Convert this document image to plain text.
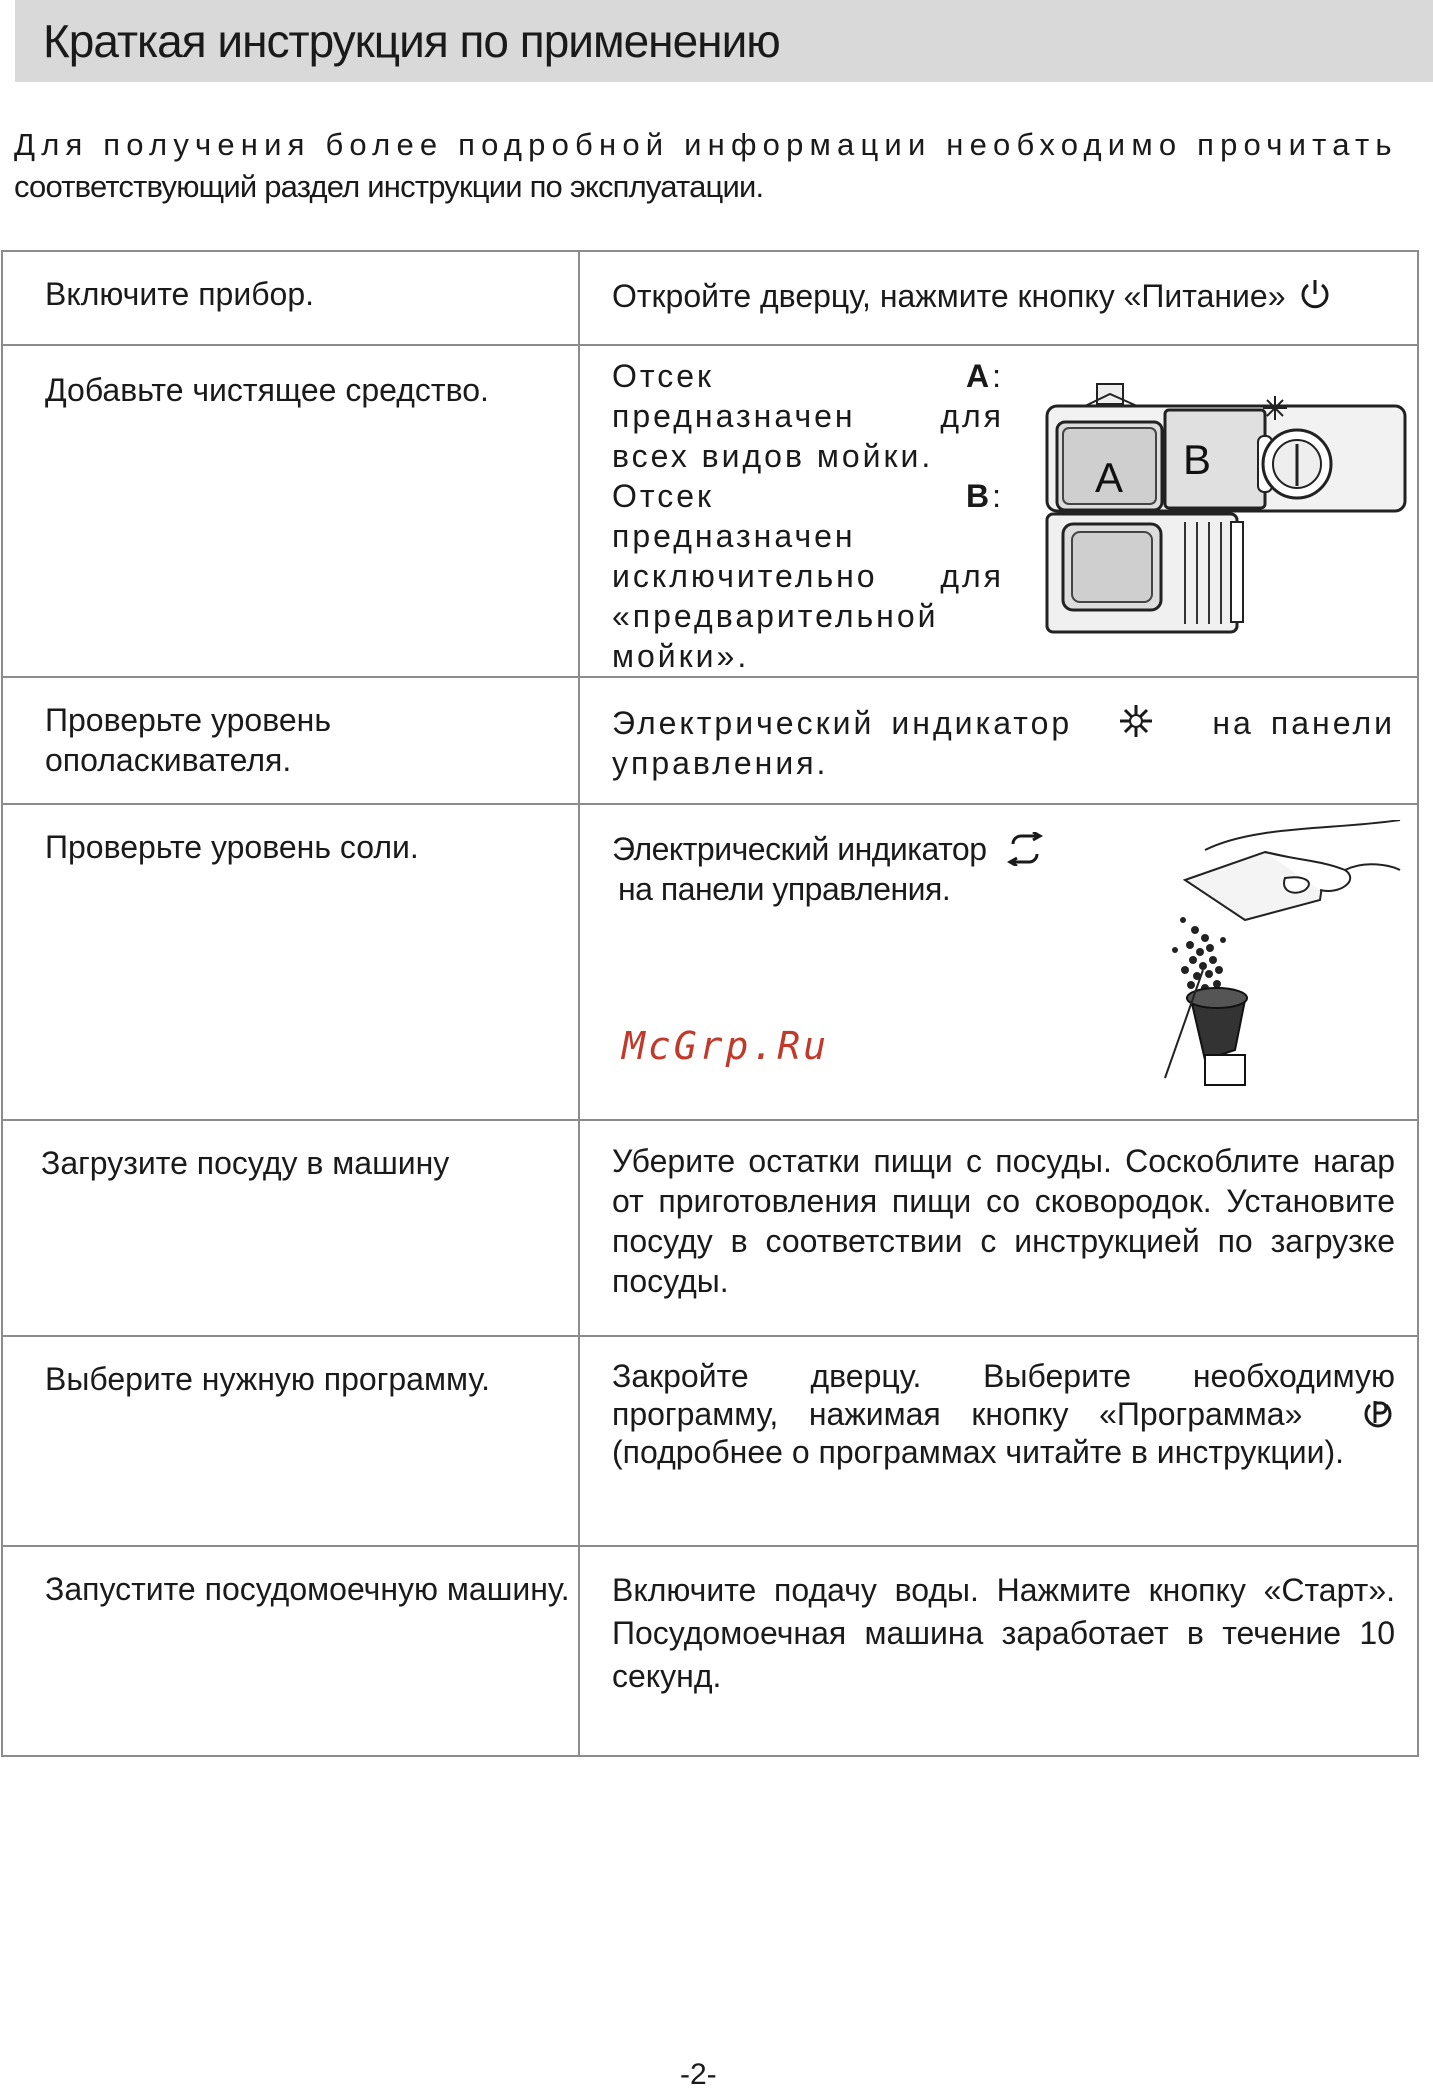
Краткая инструкция по применению
Для получения более подробной информации необходимо прочитать
соответствующий раздел инструкции по эксплуатации.
Включите прибор.	Откройте дверцу, нажмите кнопку «Питание»

Добавьте чистящее средство.	Отсек A: предназначен для всех видов мойки.
Отсек B: предназначен исключительно для «предварительной мойки».
A B

Проверьте уровень ополаскивателя.	Электрический индикатор на панели управления.

Проверьте уровень соли.	Электрический индикатор
на панели управления.

Загрузите посуду в машину	Уберите остатки пищи с посуды. Соскоблите нагар от приготовления пищи со сковородок. Установите посуду в соответствии с инструкцией по загрузке посуды.

Выберите нужную программу.	Закройте дверцу. Выберите необходимую программу, нажимая кнопку «Программа»  (подробнее о программах читайте в инструкции).

Запустите посудомоечную машину.	Включите подачу воды. Нажмите кнопку «Старт». Посудомоечная машина заработает в течение 10 секунд.
McGrp.Ru
-2-
